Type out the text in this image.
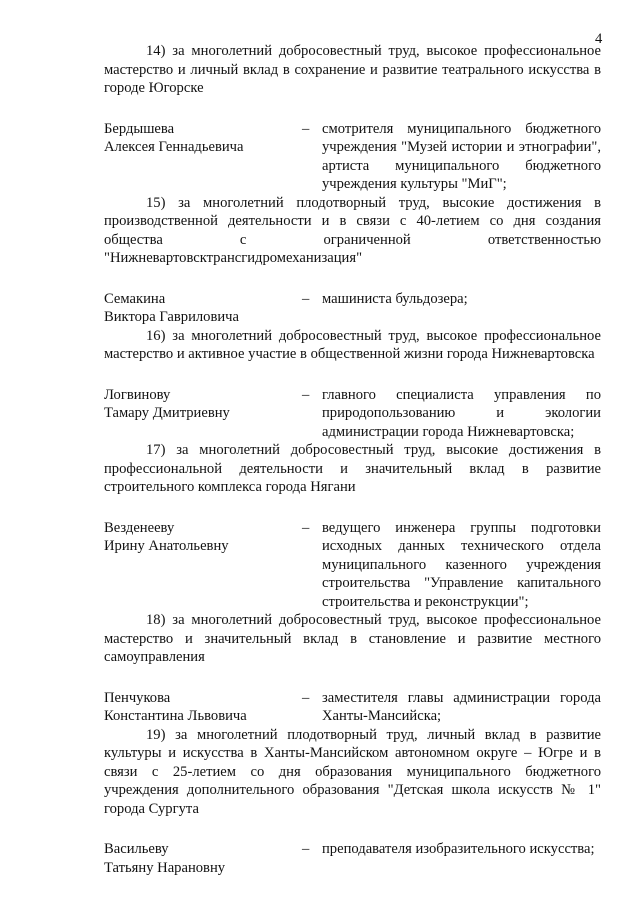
4

14) за многолетний добросовестный труд, высокое профессиональное мастерство и личный вклад в сохранение и развитие театрального искусства в городе Югорске

Бердышева
Алексея Геннадьевича
– смотрителя муниципального бюджетного учреждения "Музей истории и этнографии", артиста муниципального бюджетного учреждения культуры "МиГ";

15) за многолетний плодотворный труд, высокие достижения в производственной деятельности и в связи с 40-летием со дня создания общества с ограниченной ответственностью "Нижневартовсктрансгидромеханизация"

Семакина
Виктора Гавриловича
– машиниста бульдозера;

16) за многолетний добросовестный труд, высокое профессиональное мастерство и активное участие в общественной жизни города Нижневартовска

Логвинову
Тамару Дмитриевну
– главного специалиста управления по природопользованию и экологии администрации города Нижневартовска;

17) за многолетний добросовестный труд, высокие достижения в профессиональной деятельности и значительный вклад в развитие строительного комплекса города Нягани

Везденееву
Ирину Анатольевну
– ведущего инженера группы подготовки исходных данных технического отдела муниципального казенного учреждения строительства "Управление капитального строительства и реконструкции";

18) за многолетний добросовестный труд, высокое профессиональное мастерство и значительный вклад в становление и развитие местного самоуправления

Пенчукова
Константина Львовича
– заместителя главы администрации города Ханты-Мансийска;

19) за многолетний плодотворный труд, личный вклад в развитие культуры и искусства в Ханты-Мансийском автономном округе – Югре и в связи с 25-летием со дня образования муниципального бюджетного учреждения дополнительного образования "Детская школа искусств № 1" города Сургута

Васильеву
Татьяну Нарановну
– преподавателя изобразительного искусства;
